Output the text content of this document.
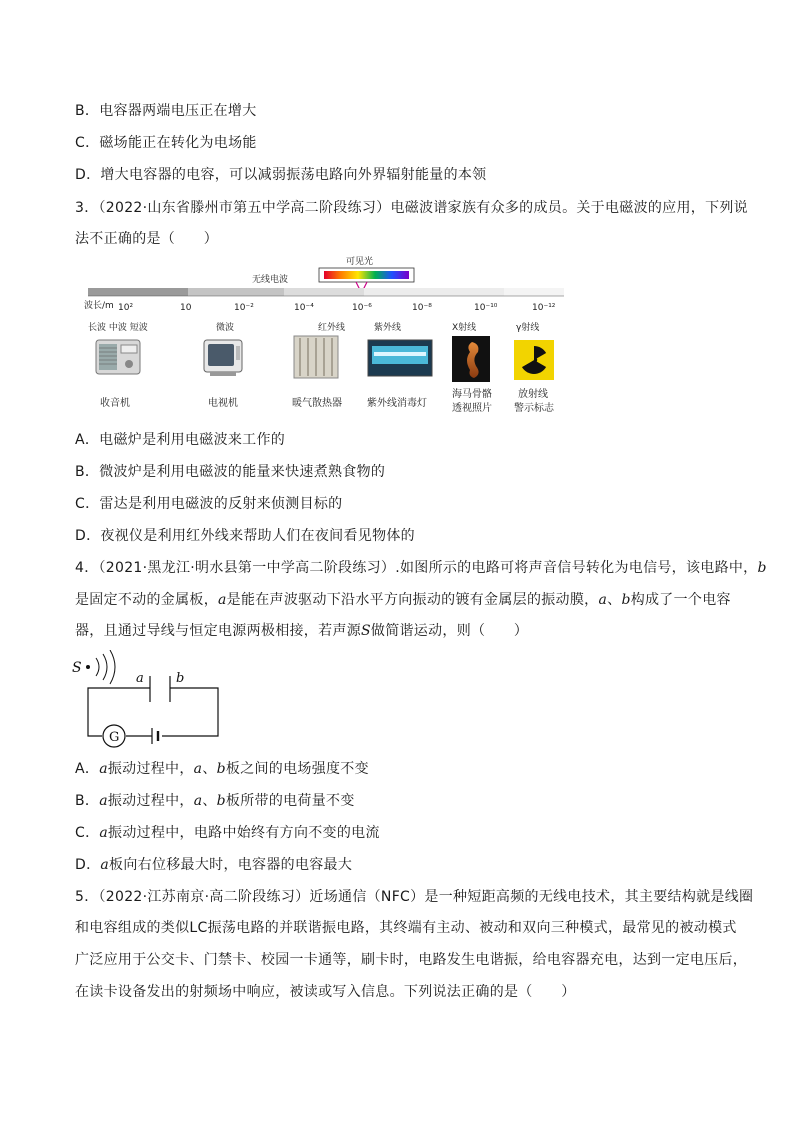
B．电容器两端电压正在增大
C．磁场能正在转化为电场能
D．增大电容器的电容，可以减弱振荡电路向外界辐射能量的本领
3．（2022·山东省滕州市第五中学高二阶段练习）电磁波谱家族有众多的成员。关于电磁波的应用，下列说
法不正确的是（　　）
可见光
无线电波
波长/m 10²	10	10⁻²	10⁻⁴	10⁻⁶	10⁻⁸	10⁻¹⁰	10⁻¹²
长波 中波 短波	微波	红外线	紫外线	X射线	γ射线
收音机	电视机	暖气散热器	紫外线消毒灯
海马骨骼
透视照片
放射线
警示标志
A．电磁炉是利用电磁波来工作的
B．微波炉是利用电磁波的能量来快速煮熟食物的
C．雷达是利用电磁波的反射来侦测目标的
D．夜视仪是利用红外线来帮助人们在夜间看见物体的
4．（2021·黑龙江·明水县第一中学高二阶段练习）.如图所示的电路可将声音信号转化为电信号，该电路中，b
是固定不动的金属板，a是能在声波驱动下沿水平方向振动的镀有金属层的振动膜，a、b构成了一个电容
器，且通过导线与恒定电源两极相接，若声源S做简谐运动，则（　　）
S
a b
G
A．a振动过程中，a、b板之间的电场强度不变
B．a振动过程中，a、b板所带的电荷量不变
C．a振动过程中，电路中始终有方向不变的电流
D．a板向右位移最大时，电容器的电容最大
5．（2022·江苏南京·高二阶段练习）近场通信（NFC）是一种短距高频的无线电技术，其主要结构就是线圈
和电容组成的类似LC振荡电路的并联谐振电路，其终端有主动、被动和双向三种模式，最常见的被动模式
广泛应用于公交卡、门禁卡、校园一卡通等，刷卡时，电路发生电谐振，给电容器充电，达到一定电压后，
在读卡设备发出的射频场中响应，被读或写入信息。下列说法正确的是（　　）
